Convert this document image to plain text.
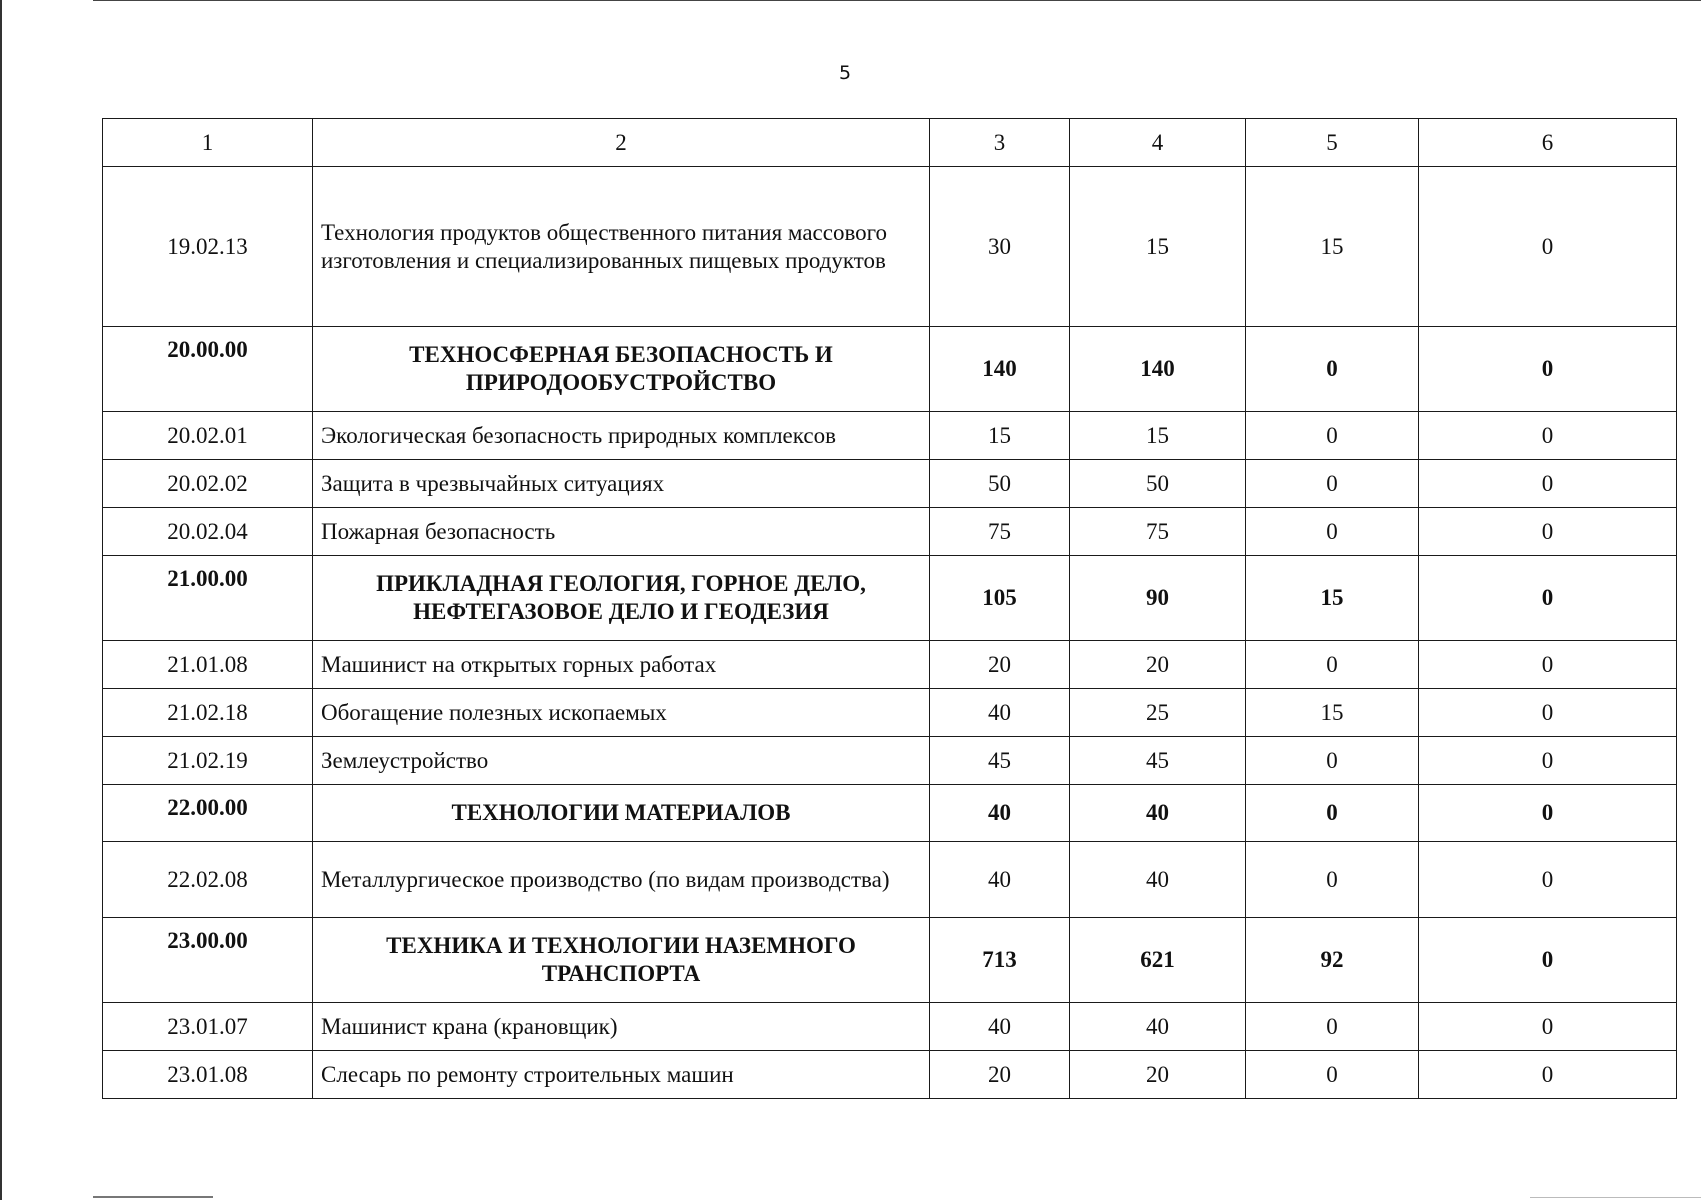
5
1	2	3	4	5	6
19.02.13	Технология продуктов общественного питания массового изготовления и специализированных пищевых продуктов	30	15	15	0
20.00.00	ТЕХНОСФЕРНАЯ БЕЗОПАСНОСТЬ И ПРИРОДООБУСТРОЙСТВО	140	140	0	0
20.02.01	Экологическая безопасность природных комплексов	15	15	0	0
20.02.02	Защита в чрезвычайных ситуациях	50	50	0	0
20.02.04	Пожарная безопасность	75	75	0	0
21.00.00	ПРИКЛАДНАЯ ГЕОЛОГИЯ, ГОРНОЕ ДЕЛО, НЕФТЕГАЗОВОЕ ДЕЛО И ГЕОДЕЗИЯ	105	90	15	0
21.01.08	Машинист на открытых горных работах	20	20	0	0
21.02.18	Обогащение полезных ископаемых	40	25	15	0
21.02.19	Землеустройство	45	45	0	0
22.00.00	ТЕХНОЛОГИИ МАТЕРИАЛОВ	40	40	0	0
22.02.08	Металлургическое производство (по видам производства)	40	40	0	0
23.00.00	ТЕХНИКА И ТЕХНОЛОГИИ НАЗЕМНОГО ТРАНСПОРТА	713	621	92	0
23.01.07	Машинист крана (крановщик)	40	40	0	0
23.01.08	Слесарь по ремонту строительных машин	20	20	0	0
